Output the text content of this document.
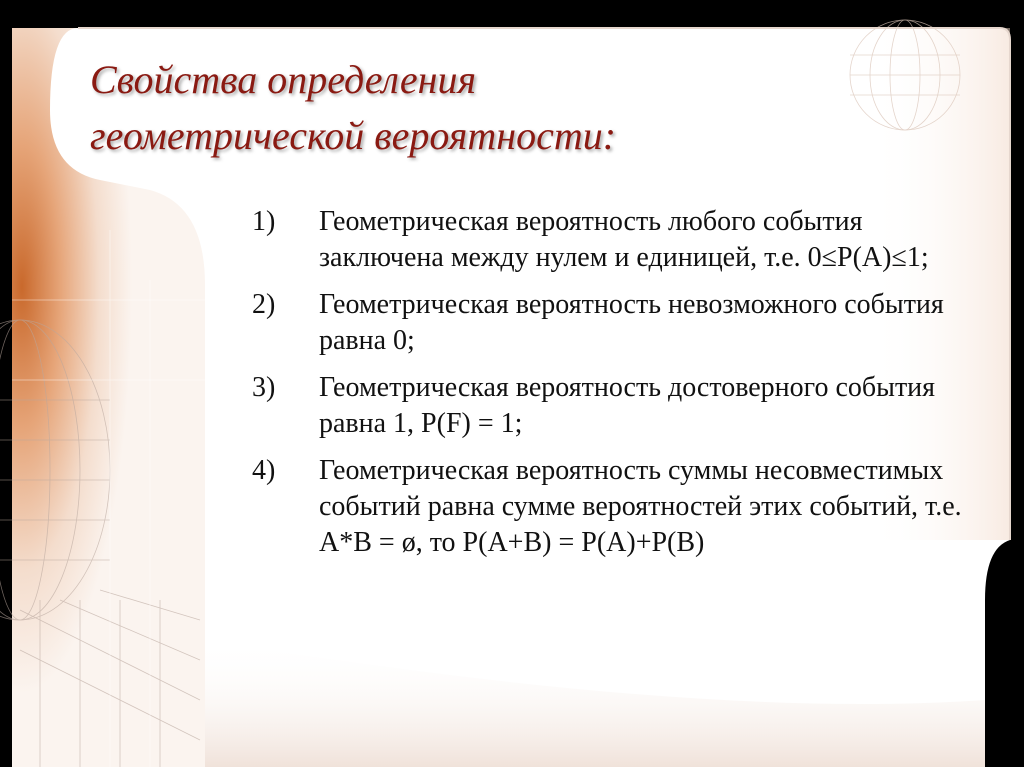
Свойства определения
геометрической вероятности:
1) Геометрическая вероятность любого события заключена между нулем и единицей, т.е. 0≤P(A)≤1;
2) Геометрическая вероятность невозможного события равна 0;
3) Геометрическая вероятность достоверного события равна 1, P(F) = 1;
4) Геометрическая вероятность суммы несовместимых событий равна сумме вероятностей этих событий, т.е. A*B = ø, то P(A+B) = P(A)+P(B)
